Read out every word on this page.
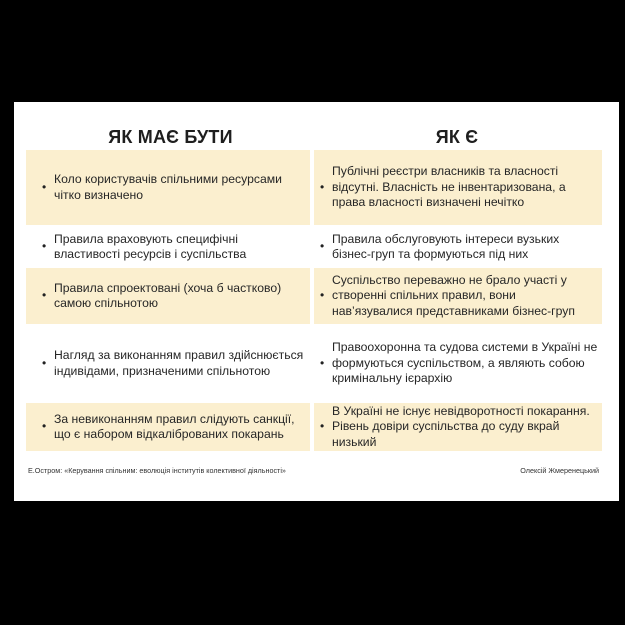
ЯК МАЄ БУТИ	ЯК Є
•
Коло користувачів спільними ресурсами чітко визначено
•
Публічні реєстри власників та власності відсутні. Власність не інвентаризована, а права власності визначені нечітко
•
Правила враховують специфічні властивості ресурсів і суспільства
•
Правила обслуговують інтереси вузьких бізнес-груп та формуються під них
•
Правила спроектовані (хоча б частково) самою спільнотою
•
Суспільство переважно не брало участі у створенні спільних правил, вони нав’язувалися представниками бізнес-груп
•
Нагляд за виконанням правил здійснюється індивідами, призначеними спільнотою
•
Правоохоронна та судова системи в Україні не формуються суспільством, а являють собою кримінальну ієрархію
•
За невиконанням правил слідують санкції, що є набором відкаліброваних покарань
•
В Україні не існує невідворотності покарання. Рівень довіри суспільства до суду вкрай низький
Е.Остром: «Керування спільним: еволюція інститутів колективної діяльності»	Олексій Жмеренецький
